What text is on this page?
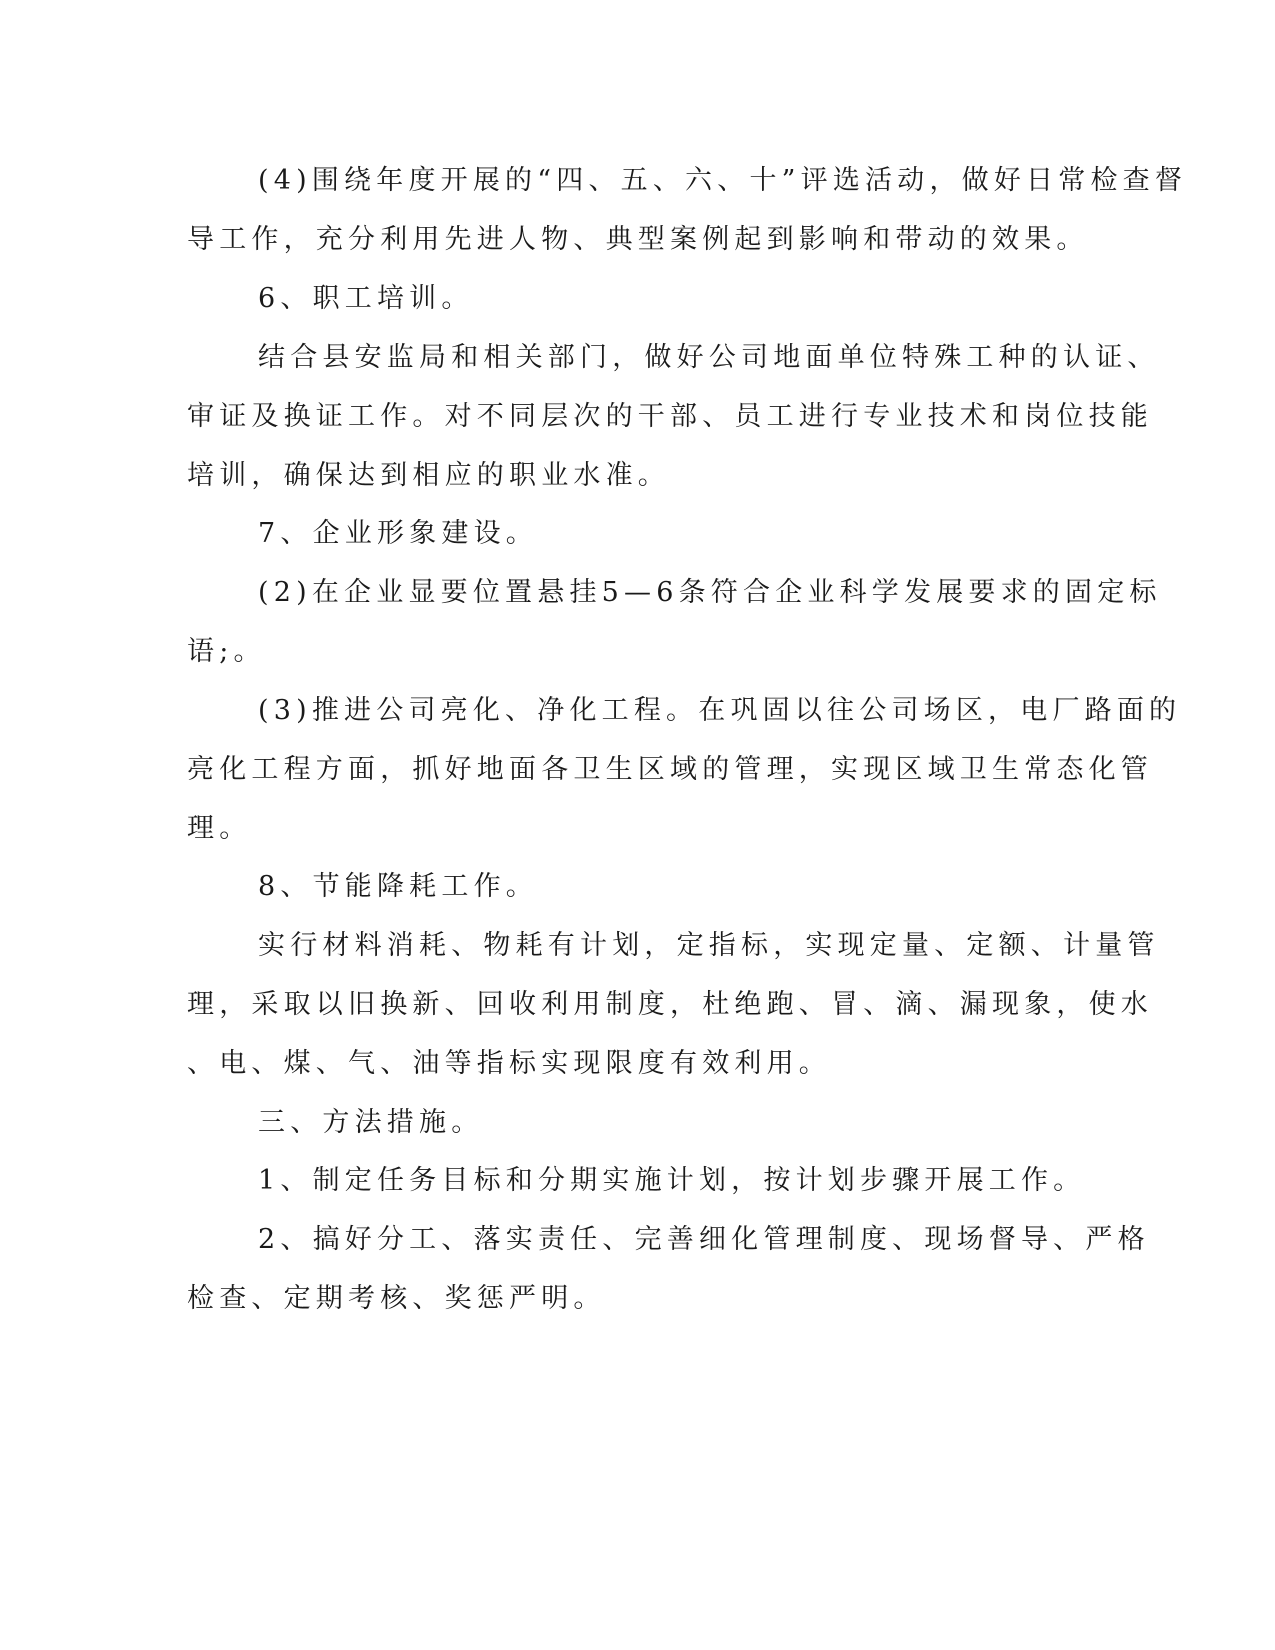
(4)围绕年度开展的“四、五、六、十”评选活动，做好日常检查督
导工作，充分利用先进人物、典型案例起到影响和带动的效果。
6、职工培训。
结合县安监局和相关部门，做好公司地面单位特殊工种的认证、
审证及换证工作。对不同层次的干部、员工进行专业技术和岗位技能
培训，确保达到相应的职业水准。
7、企业形象建设。
(2)在企业显要位置悬挂5—6条符合企业科学发展要求的固定标
语;。
(3)推进公司亮化、净化工程。在巩固以往公司场区，电厂路面的
亮化工程方面，抓好地面各卫生区域的管理，实现区域卫生常态化管
理。
8、节能降耗工作。
实行材料消耗、物耗有计划，定指标，实现定量、定额、计量管
理，采取以旧换新、回收利用制度，杜绝跑、冒、滴、漏现象，使水
、电、煤、气、油等指标实现限度有效利用。
三、方法措施。
1、制定任务目标和分期实施计划，按计划步骤开展工作。
2、搞好分工、落实责任、完善细化管理制度、现场督导、严格
检查、定期考核、奖惩严明。
